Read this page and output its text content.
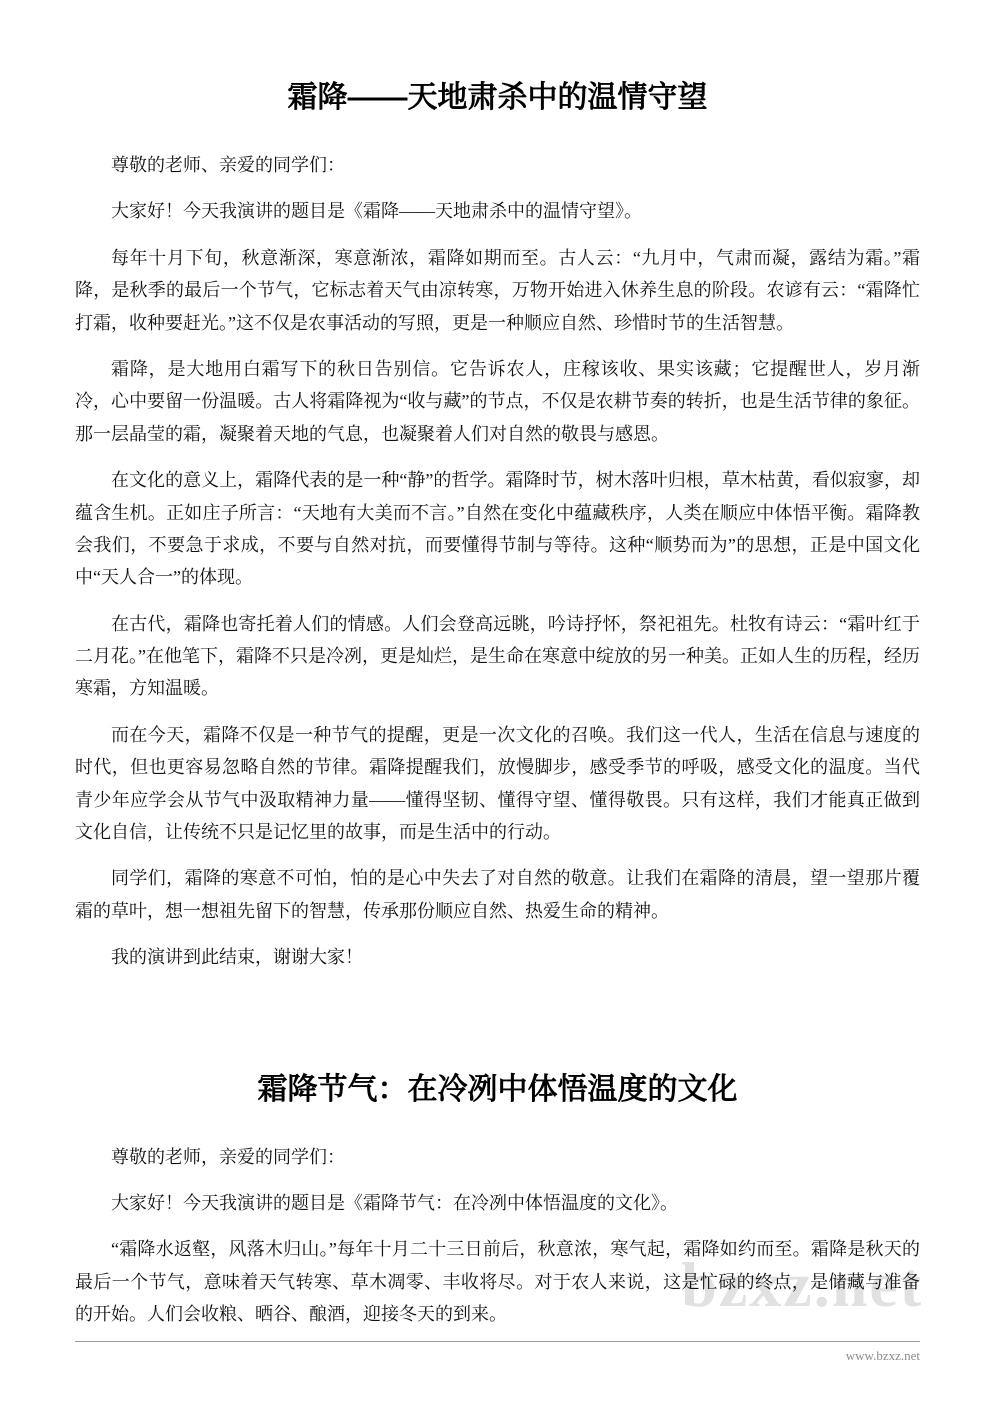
bzxz.net
霜降——天地肃杀中的温情守望

尊敬的老师、亲爱的同学们：

大家好！今天我演讲的题目是《霜降——天地肃杀中的温情守望》。

每年十月下旬，秋意渐深，寒意渐浓，霜降如期而至。古人云：“九月中，气肃而凝，露结为霜。”霜降，是秋季的最后一个节气，它标志着天气由凉转寒，万物开始进入休养生息的阶段。农谚有云：“霜降忙打霜，收种要赶光。”这不仅是农事活动的写照，更是一种顺应自然、珍惜时节的生活智慧。

霜降，是大地用白霜写下的秋日告别信。它告诉农人，庄稼该收、果实该藏；它提醒世人，岁月渐冷，心中要留一份温暖。古人将霜降视为“收与藏”的节点，不仅是农耕节奏的转折，也是生活节律的象征。那一层晶莹的霜，凝聚着天地的气息，也凝聚着人们对自然的敬畏与感恩。

在文化的意义上，霜降代表的是一种“静”的哲学。霜降时节，树木落叶归根，草木枯黄，看似寂寥，却蕴含生机。正如庄子所言：“天地有大美而不言。”自然在变化中蕴藏秩序，人类在顺应中体悟平衡。霜降教会我们，不要急于求成，不要与自然对抗，而要懂得节制与等待。这种“顺势而为”的思想，正是中国文化中“天人合一”的体现。

在古代，霜降也寄托着人们的情感。人们会登高远眺，吟诗抒怀，祭祀祖先。杜牧有诗云：“霜叶红于二月花。”在他笔下，霜降不只是冷冽，更是灿烂，是生命在寒意中绽放的另一种美。正如人生的历程，经历寒霜，方知温暖。

而在今天，霜降不仅是一种节气的提醒，更是一次文化的召唤。我们这一代人，生活在信息与速度的时代，但也更容易忽略自然的节律。霜降提醒我们，放慢脚步，感受季节的呼吸，感受文化的温度。当代青少年应学会从节气中汲取精神力量——懂得坚韧、懂得守望、懂得敬畏。只有这样，我们才能真正做到文化自信，让传统不只是记忆里的故事，而是生活中的行动。

同学们，霜降的寒意不可怕，怕的是心中失去了对自然的敬意。让我们在霜降的清晨，望一望那片覆霜的草叶，想一想祖先留下的智慧，传承那份顺应自然、热爱生命的精神。

我的演讲到此结束，谢谢大家！

霜降节气：在冷冽中体悟温度的文化

尊敬的老师，亲爱的同学们：

大家好！今天我演讲的题目是《霜降节气：在冷冽中体悟温度的文化》。

“霜降水返壑，风落木归山。”每年十月二十三日前后，秋意浓，寒气起，霜降如约而至。霜降是秋天的最后一个节气，意味着天气转寒、草木凋零、丰收将尽。对于农人来说，这是忙碌的终点，是储藏与准备的开始。人们会收粮、晒谷、酿酒，迎接冬天的到来。

www.bzxz.net
